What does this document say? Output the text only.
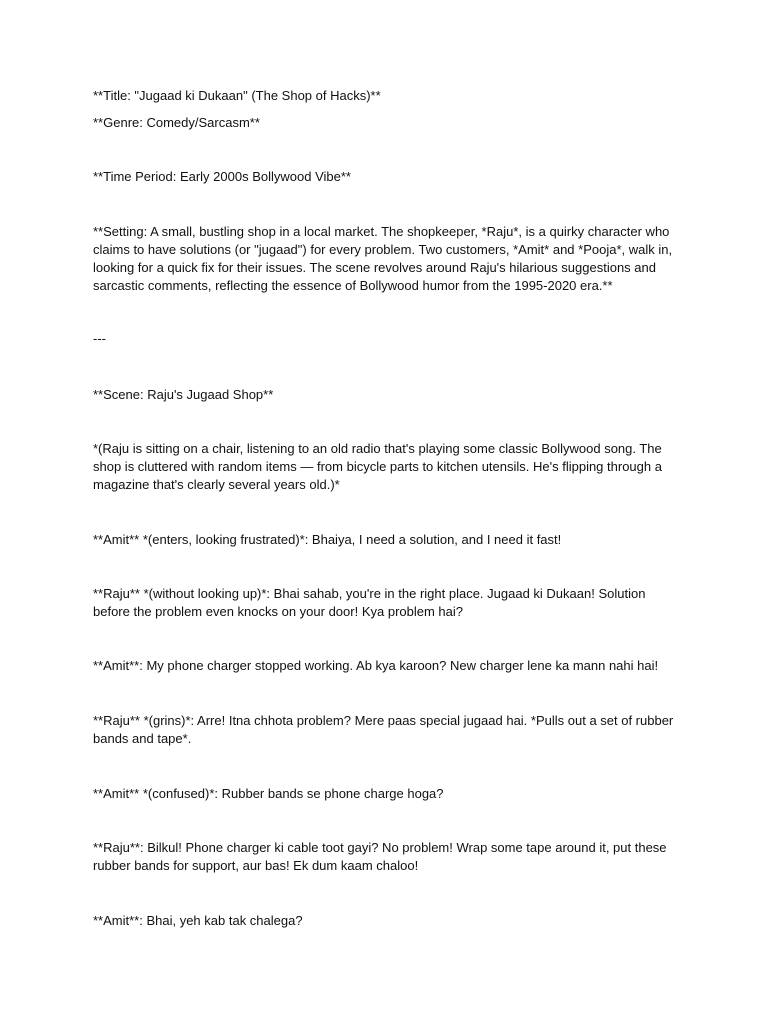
**Title: "Jugaad ki Dukaan" (The Shop of Hacks)**

**Genre: Comedy/Sarcasm**

**Time Period: Early 2000s Bollywood Vibe**

**Setting: A small, bustling shop in a local market. The shopkeeper, *Raju*, is a quirky character who claims to have solutions (or "jugaad") for every problem. Two customers, *Amit* and *Pooja*, walk in, looking for a quick fix for their issues. The scene revolves around Raju's hilarious suggestions and sarcastic comments, reflecting the essence of Bollywood humor from the 1995-2020 era.**

---

**Scene: Raju's Jugaad Shop**

*(Raju is sitting on a chair, listening to an old radio that's playing some classic Bollywood song. The shop is cluttered with random items — from bicycle parts to kitchen utensils. He's flipping through a magazine that's clearly several years old.)*

**Amit** *(enters, looking frustrated)*: Bhaiya, I need a solution, and I need it fast!

**Raju** *(without looking up)*: Bhai sahab, you're in the right place. Jugaad ki Dukaan! Solution before the problem even knocks on your door! Kya problem hai?

**Amit**: My phone charger stopped working. Ab kya karoon? New charger lene ka mann nahi hai!

**Raju** *(grins)*: Arre! Itna chhota problem? Mere paas special jugaad hai. *Pulls out a set of rubber bands and tape*.

**Amit** *(confused)*: Rubber bands se phone charge hoga?

**Raju**: Bilkul! Phone charger ki cable toot gayi? No problem! Wrap some tape around it, put these rubber bands for support, aur bas! Ek dum kaam chaloo!

**Amit**: Bhai, yeh kab tak chalega?
